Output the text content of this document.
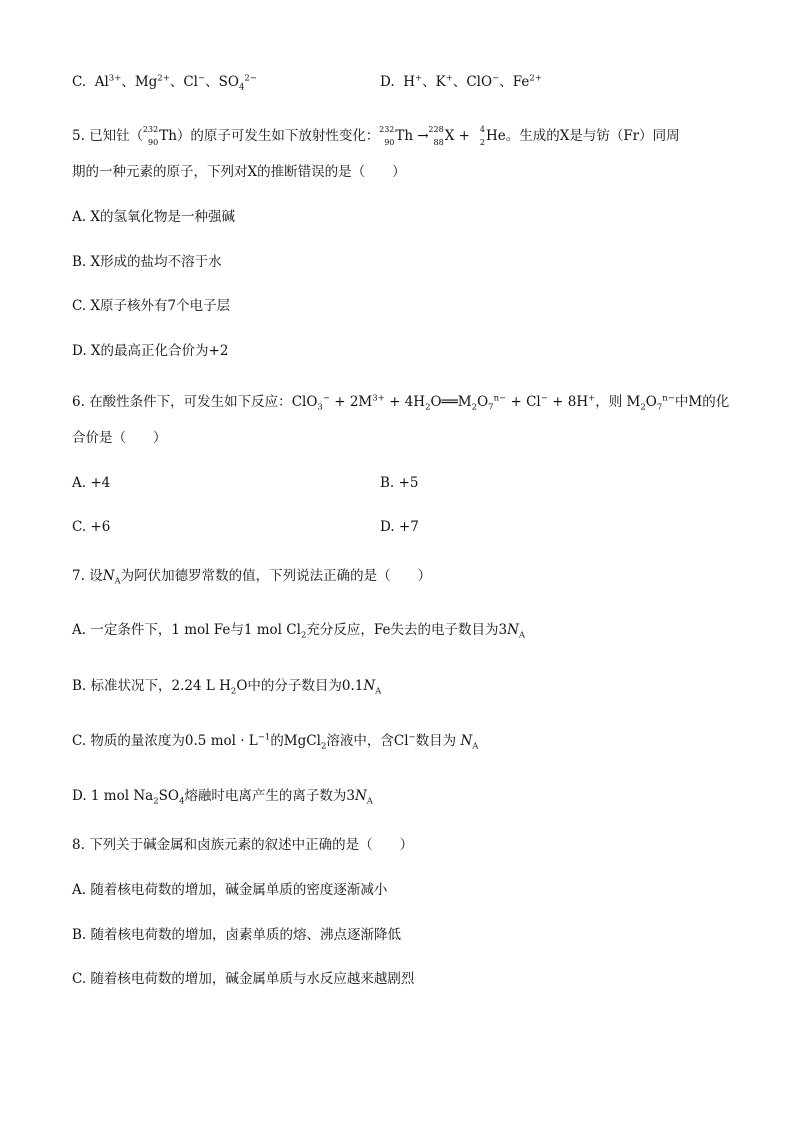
C.  $Al^{3+}$、$Mg^{2+}$、Cl−、$SO_4^{2-}$	D.  H+、K+、ClO−、$Fe^{2+}$
5. 已知钍（ 232
90 Th）的原子可发生如下放射性变化： 232
90 Th → 228
88 X + 4
2 He。生成的X是与钫（Fr）同周
期的一种元素的原子，下列对X的推断错误的是（　　）
A. X的氢氧化物是一种强碱
B. X形成的盐均不溶于水
C. X原子核外有7个电子层
D. X的最高正化合价为+2
6. 在酸性条件下，可发生如下反应：$ClO_3^- + 2M^{3+}$ + $4H_2O══M_2O_7^{n-} + Cl^- + 8H^+$，则 $M_2O_7^{n-}$中M的化
合价是（　　）
A. +4	B. +5
C. +6	D. +7
7. 设$N_A$为阿伏加德罗常数的值，下列说法正确的是（　　）
A. 一定条件下，1 mol Fe与1 mol $Cl_2$充分反应，Fe失去的电子数目为$3N_A$
B. 标准状况下，2.24 L $H_2O$中的分子数目为$0.1N_A$
C. 物质的量浓度为0.5 mol · $L^{-1}$的MgCl$_2$溶液中，含Cl−数目为 $N_A$
D. 1 mol $Na_2SO_4$熔融时电离产生的离子数为$3N_A$
8. 下列关于碱金属和卤族元素的叙述中正确的是（　　）
A. 随着核电荷数的增加，碱金属单质的密度逐渐减小
B. 随着核电荷数的增加，卤素单质的熔、沸点逐渐降低
C. 随着核电荷数的增加，碱金属单质与水反应越来越剧烈
